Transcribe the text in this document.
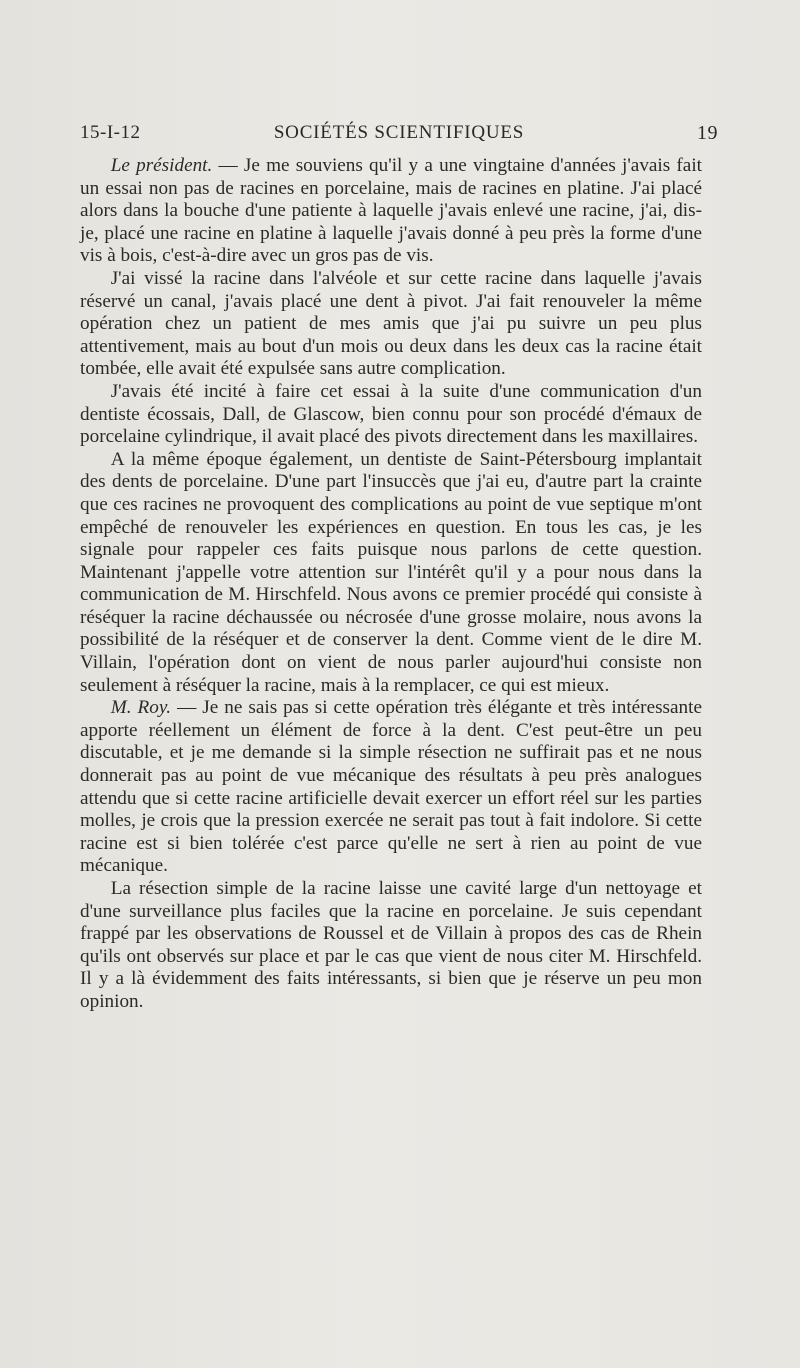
15-I-12	SOCIÉTÉS SCIENTIFIQUES	19

Le président. — Je me souviens qu'il y a une vingtaine d'années j'avais fait un essai non pas de racines en porcelaine, mais de racines en platine. J'ai placé alors dans la bouche d'une patiente à laquelle j'avais enlevé une racine, j'ai, dis-je, placé une racine en platine à laquelle j'avais donné à peu près la forme d'une vis à bois, c'est-à-dire avec un gros pas de vis.

J'ai vissé la racine dans l'alvéole et sur cette racine dans laquelle j'avais réservé un canal, j'avais placé une dent à pivot. J'ai fait renouveler la même opération chez un patient de mes amis que j'ai pu suivre un peu plus attentivement, mais au bout d'un mois ou deux dans les deux cas la racine était tombée, elle avait été expulsée sans autre complication.

J'avais été incité à faire cet essai à la suite d'une communication d'un dentiste écossais, Dall, de Glascow, bien connu pour son procédé d'émaux de porcelaine cylindrique, il avait placé des pivots directement dans les maxillaires.

A la même époque également, un dentiste de Saint-Pétersbourg implantait des dents de porcelaine. D'une part l'insuccès que j'ai eu, d'autre part la crainte que ces racines ne provoquent des complications au point de vue septique m'ont empêché de renouveler les expériences en question. En tous les cas, je les signale pour rappeler ces faits puisque nous parlons de cette question. Maintenant j'appelle votre attention sur l'intérêt qu'il y a pour nous dans la communication de M. Hirschfeld. Nous avons ce premier procédé qui consiste à réséquer la racine déchaussée ou nécrosée d'une grosse molaire, nous avons la possibilité de la réséquer et de conserver la dent. Comme vient de le dire M. Villain, l'opération dont on vient de nous parler aujourd'hui consiste non seulement à réséquer la racine, mais à la remplacer, ce qui est mieux.

M. Roy. — Je ne sais pas si cette opération très élégante et très intéressante apporte réellement un élément de force à la dent. C'est peut-être un peu discutable, et je me demande si la simple résection ne suffirait pas et ne nous donnerait pas au point de vue mécanique des résultats à peu près analogues attendu que si cette racine artificielle devait exercer un effort réel sur les parties molles, je crois que la pression exercée ne serait pas tout à fait indolore. Si cette racine est si bien tolérée c'est parce qu'elle ne sert à rien au point de vue mécanique.

La résection simple de la racine laisse une cavité large d'un nettoyage et d'une surveillance plus faciles que la racine en porcelaine. Je suis cependant frappé par les observations de Roussel et de Villain à propos des cas de Rhein qu'ils ont observés sur place et par le cas que vient de nous citer M. Hirschfeld. Il y a là évidemment des faits intéressants, si bien que je réserve un peu mon opinion.
